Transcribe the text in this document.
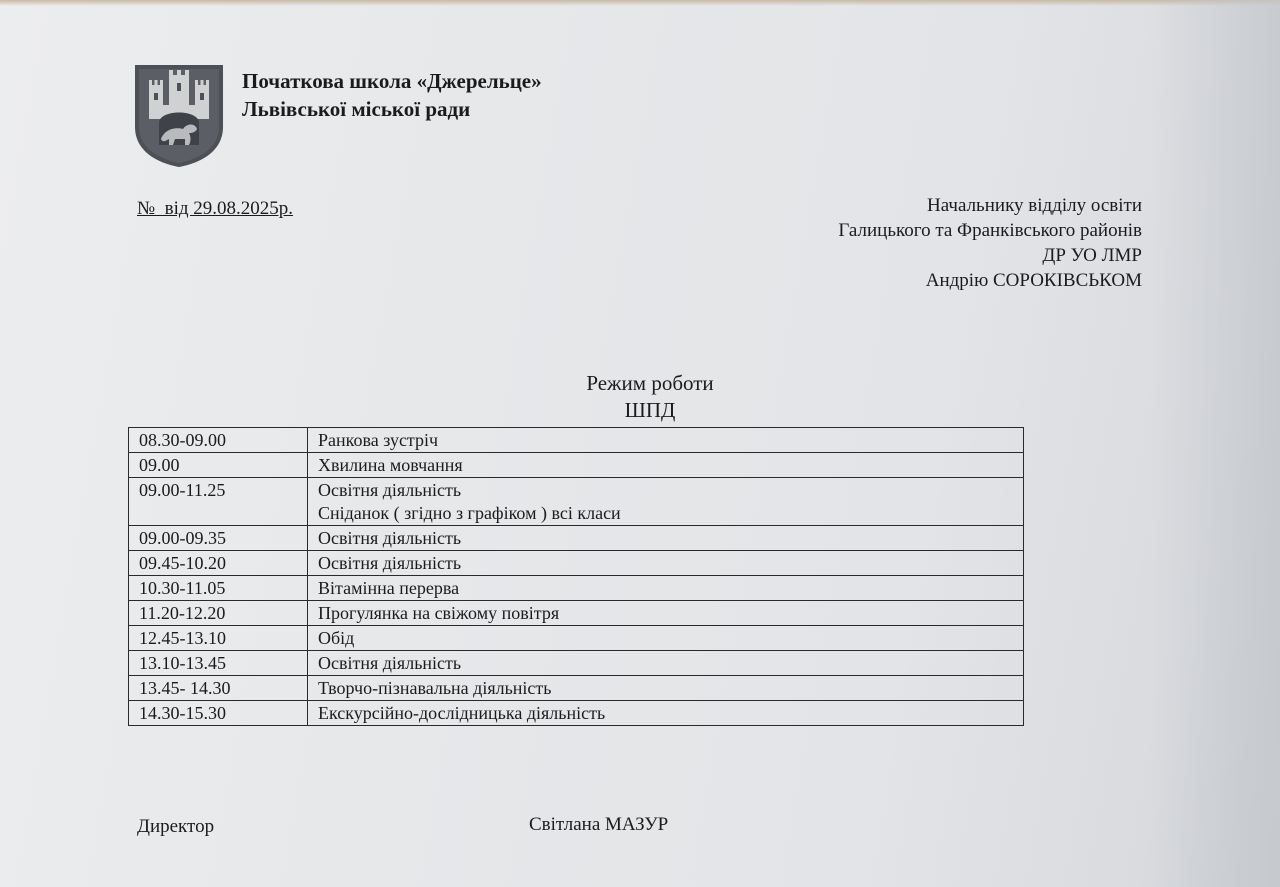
Початкова школа «Джерельце»
Львівської міської ради
№  від 29.08.2025р.	Начальнику відділу освіти
Галицького та Франківського районів
ДР УО ЛМР
Андрію СОРОКІВСЬКОМ
Режим роботи
ШПД
08.30-09.00	Ранкова зустріч
09.00	Хвилина мовчання
09.00-11.25	Освітня діяльність
Сніданок ( згідно з графіком ) всі класи

09.00-09.35	Освітня діяльність
09.45-10.20	Освітня діяльність
10.30-11.05	Вітамінна перерва
11.20-12.20	Прогулянка на свіжому повітря
12.45-13.10	Обід
13.10-13.45	Освітня діяльність
13.45- 14.30	Творчо-пізнавальна діяльність
14.30-15.30	Екскурсійно-дослідницька діяльність
Директор	Світлана МАЗУР
